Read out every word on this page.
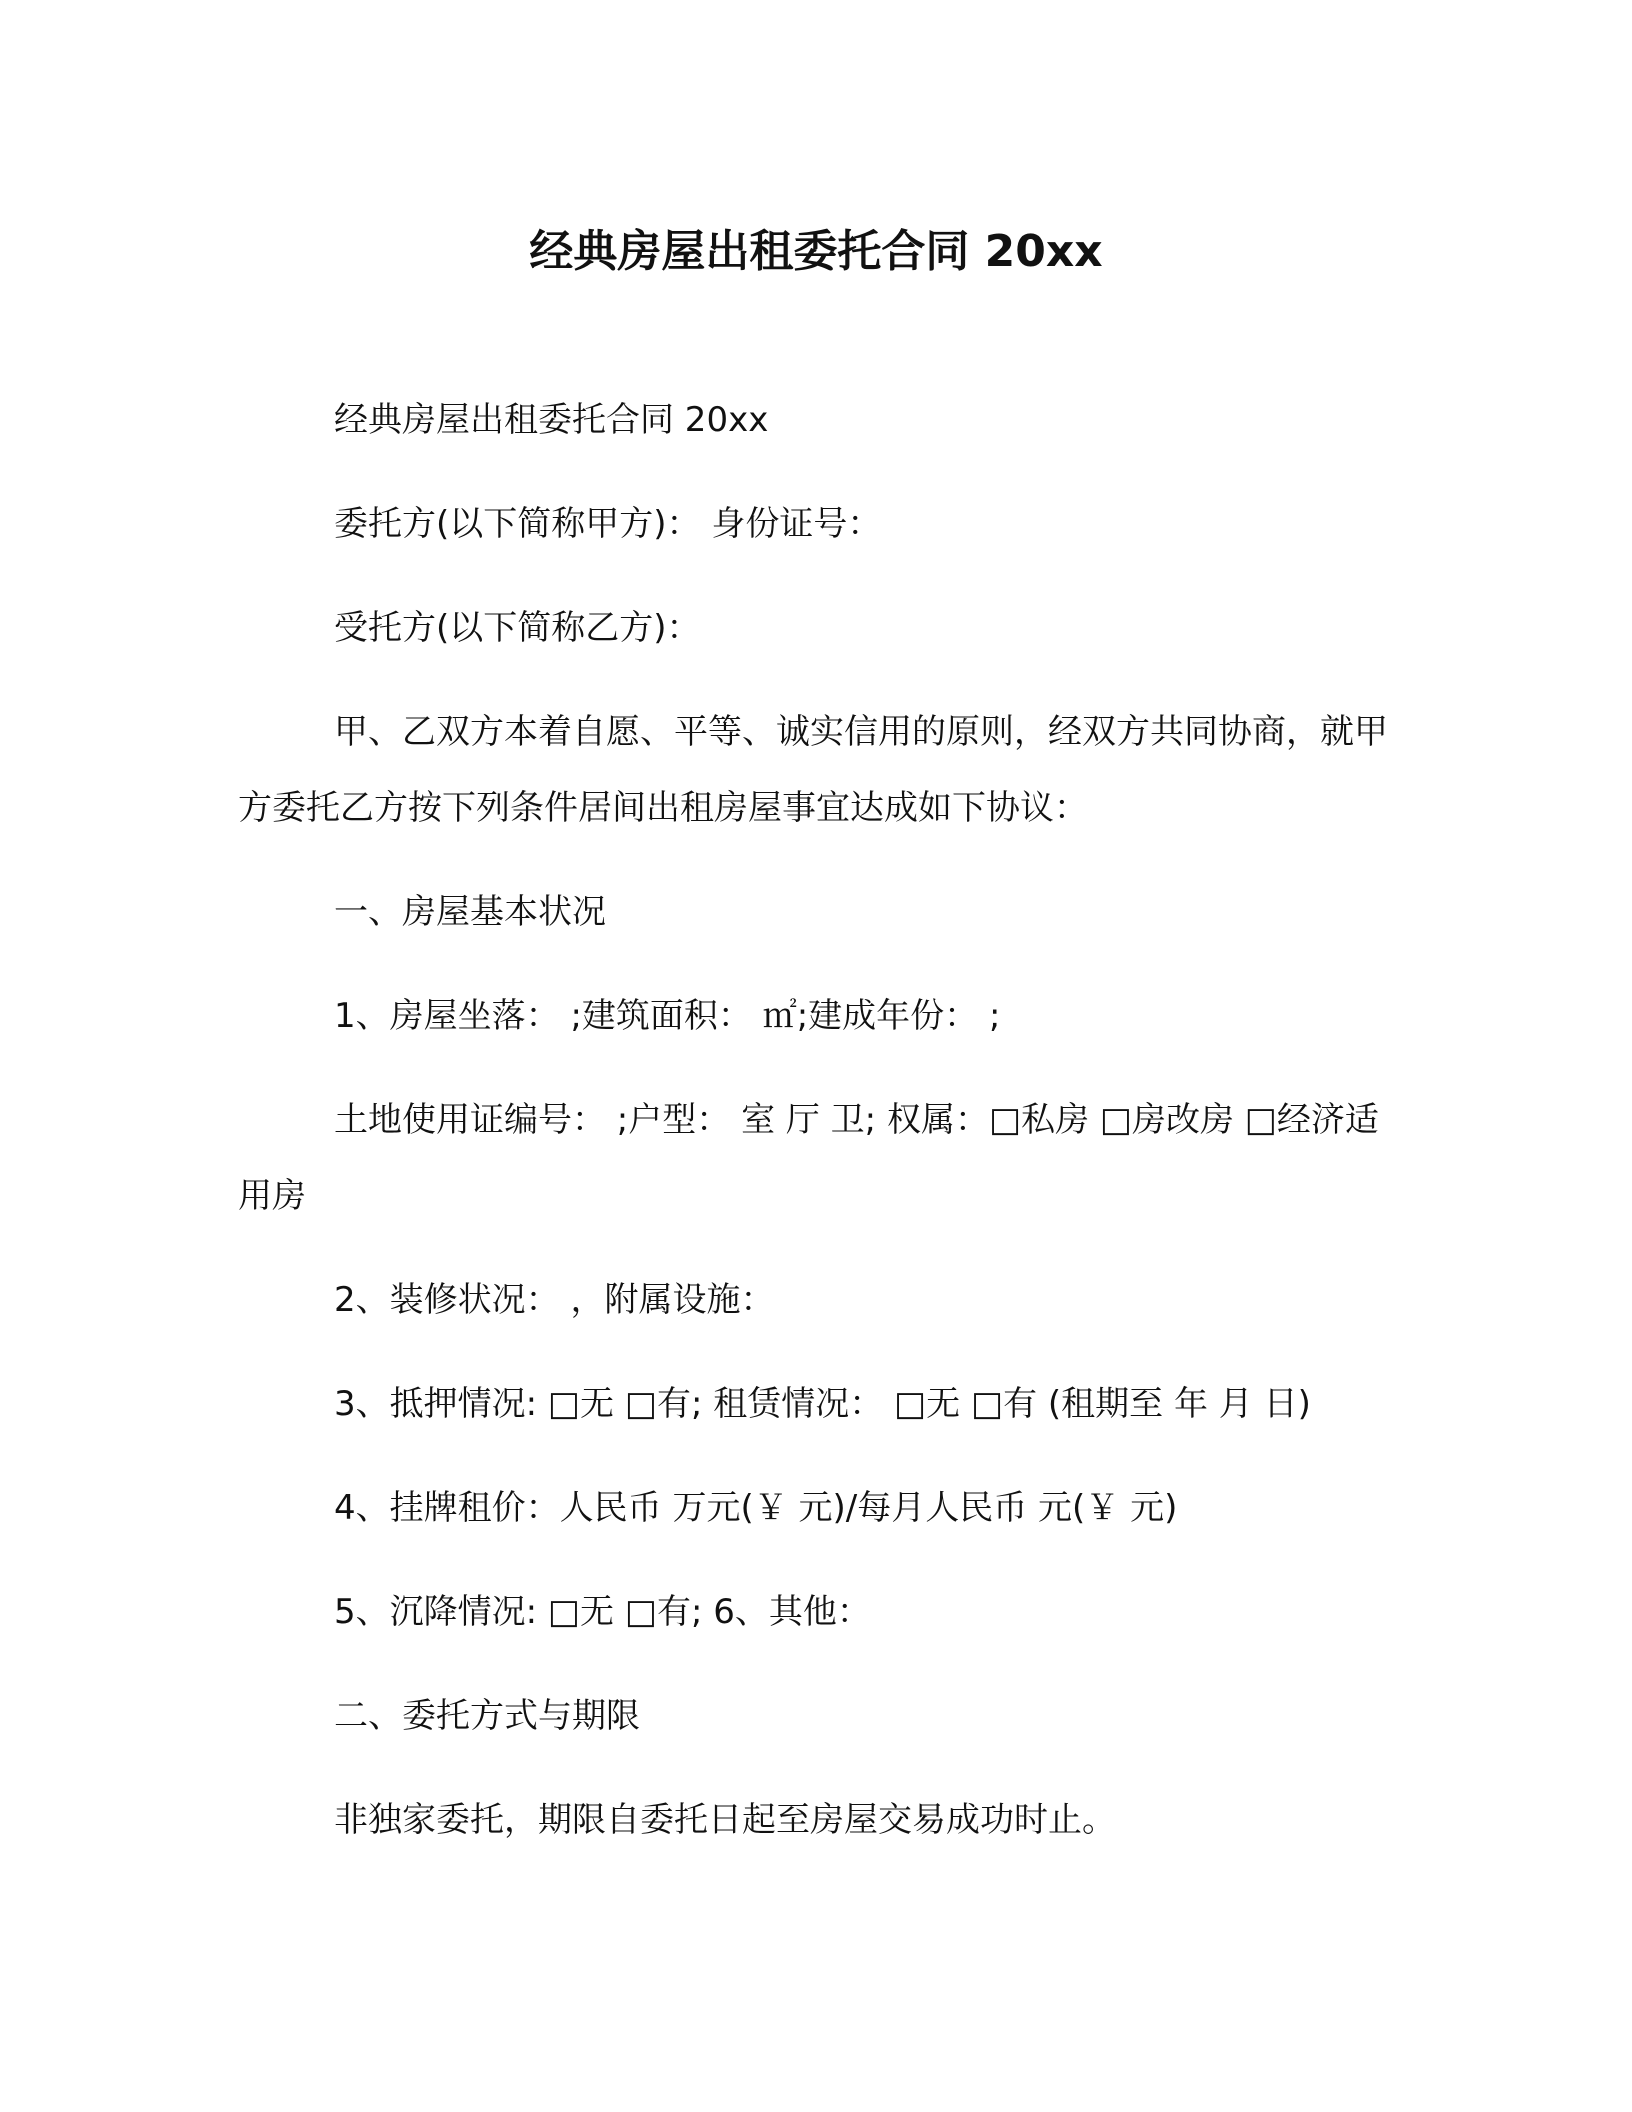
经典房屋出租委托合同 20xx
经典房屋出租委托合同 20xx
委托方(以下简称甲方)： 身份证号：
受托方(以下简称乙方)：
甲、乙双方本着自愿、平等、诚实信用的原则，经双方共同协商，就甲方委托乙方按下列条件居间出租房屋事宜达成如下协议：
一、房屋基本状况
1、房屋坐落： ;建筑面积： ㎡;建成年份： ;
土地使用证编号： ;户型： 室 厅 卫; 权属：□私房 □房改房 □经济适用房
2、装修状况： ，附属设施：
3、抵押情况: □无 □有; 租赁情况： □无 □有 (租期至 年 月 日)
4、挂牌租价：人民币 万元(￥ 元)/每月人民币 元(￥ 元)
5、沉降情况: □无 □有; 6、其他：
二、委托方式与期限
非独家委托，期限自委托日起至房屋交易成功时止。
